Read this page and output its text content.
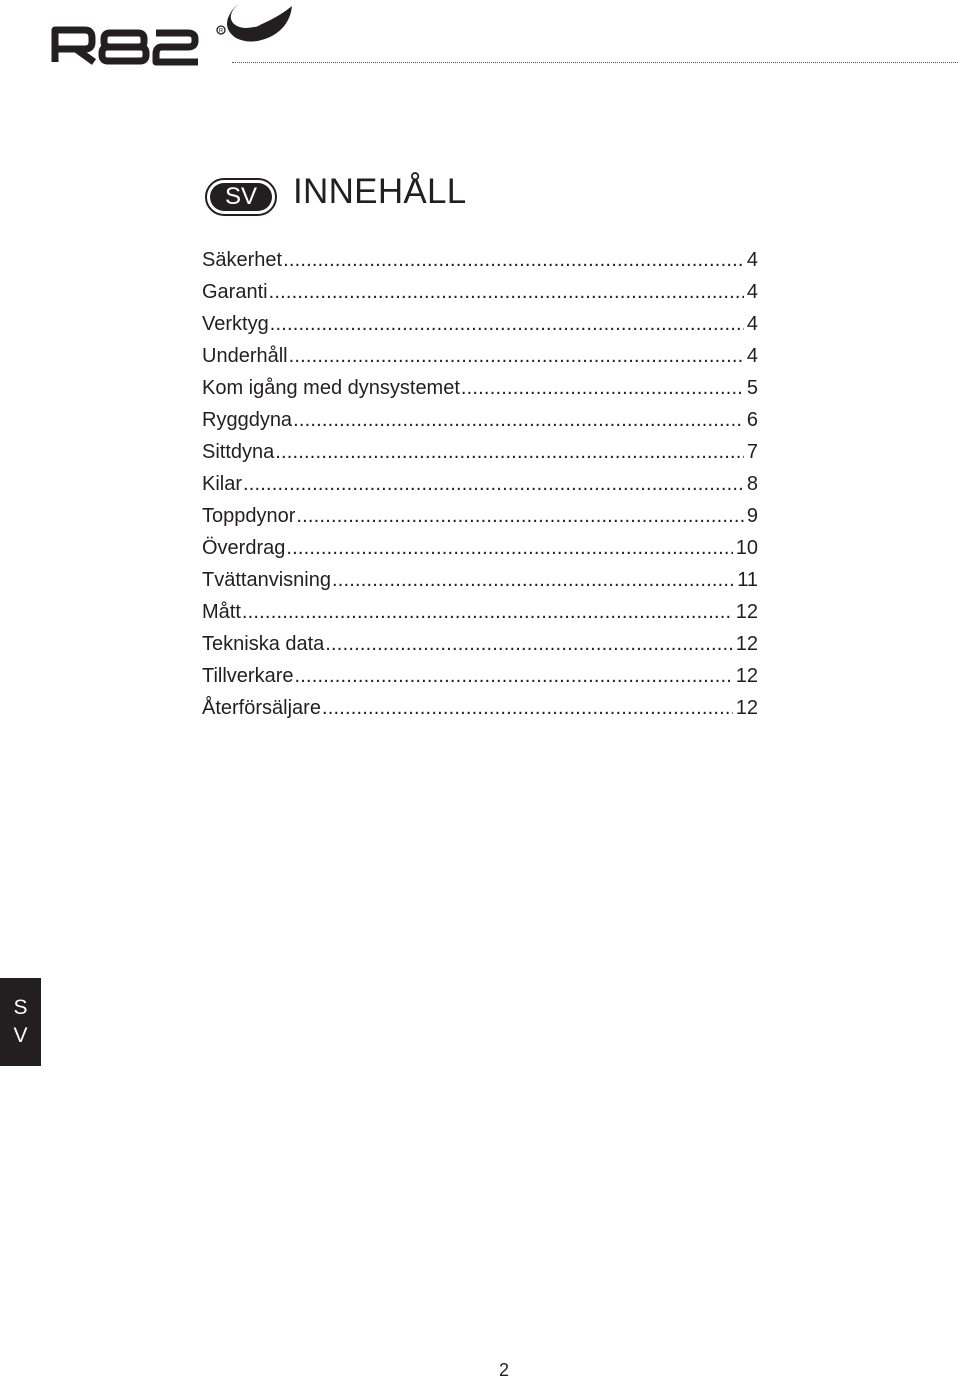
R
SV	INNEHÅLL
Säkerhet .....	4
Garanti .....	4
Verktyg .....	4
Underhåll .....	4
Kom igång med dynsystemet .....	5
Ryggdyna .....	6
Sittdyna .....	7
Kilar .....	8
Toppdynor .....	9
Överdrag .....	10
Tvättanvisning .....	11
Mått .....	12
Tekniska data .....	12
Tillverkare .....	12
Återförsäljare .....	12
S
V
2
